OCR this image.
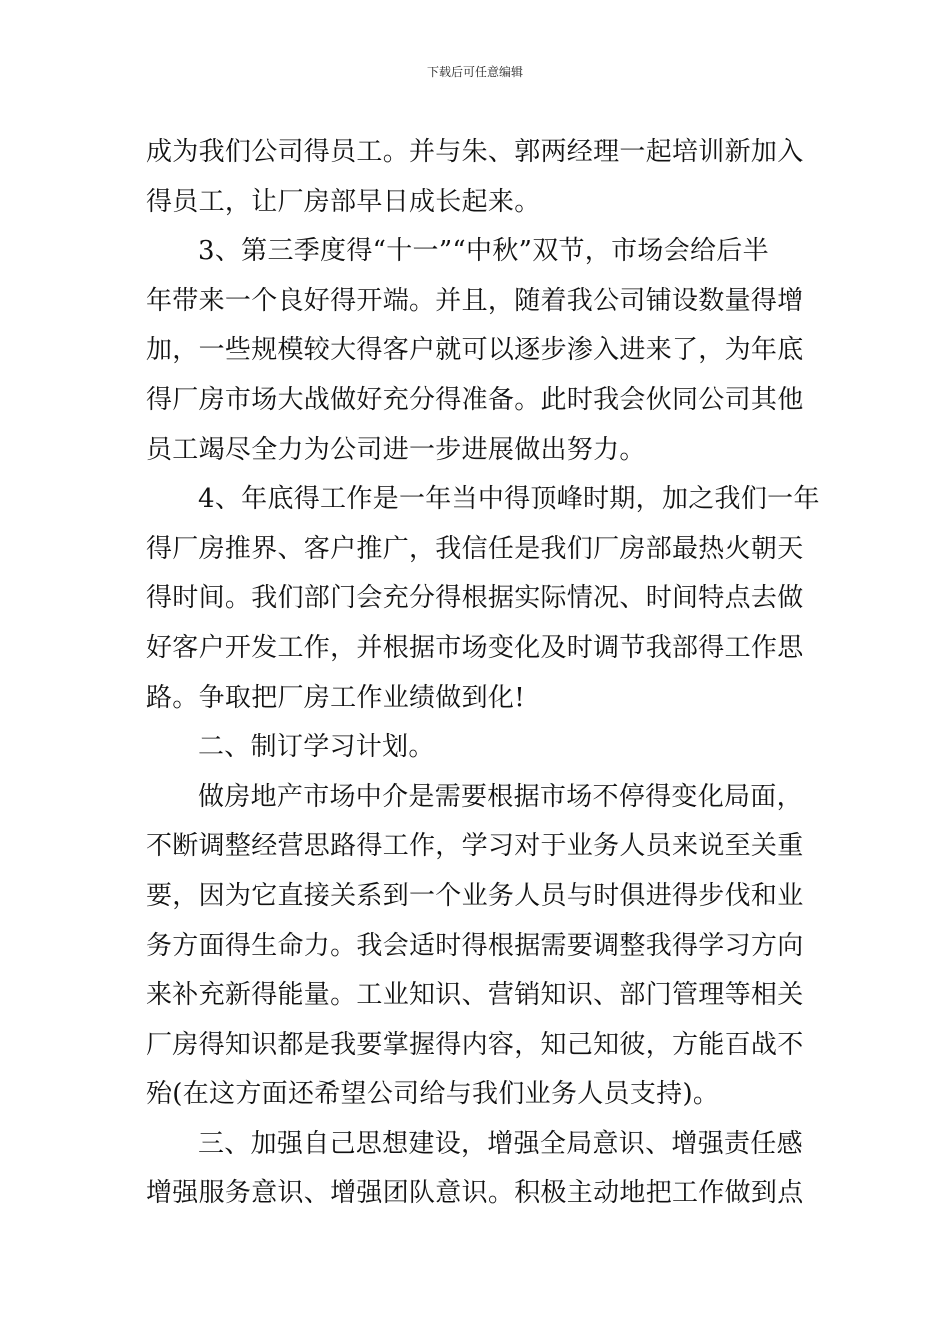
下载后可任意编辑
成为我们公司得员工。并与朱、郭两经理一起培训新加入
得员工，让厂房部早日成长起来。
3、第三季度得“十一”“中秋”双节，市场会给后半
年带来一个良好得开端。并且，随着我公司铺设数量得增
加，一些规模较大得客户就可以逐步渗入进来了，为年底
得厂房市场大战做好充分得准备。此时我会伙同公司其他
员工竭尽全力为公司进一步进展做出努力。
4、年底得工作是一年当中得顶峰时期，加之我们一年
得厂房推界、客户推广，我信任是我们厂房部最热火朝天
得时间。我们部门会充分得根据实际情况、时间特点去做
好客户开发工作，并根据市场变化及时调节我部得工作思
路。争取把厂房工作业绩做到化!
二、制订学习计划。
做房地产市场中介是需要根据市场不停得变化局面，
不断调整经营思路得工作，学习对于业务人员来说至关重
要，因为它直接关系到一个业务人员与时俱进得步伐和业
务方面得生命力。我会适时得根据需要调整我得学习方向
来补充新得能量。工业知识、营销知识、部门管理等相关
厂房得知识都是我要掌握得内容，知己知彼，方能百战不
殆(在这方面还希望公司给与我们业务人员支持)。
三、加强自己思想建设，增强全局意识、增强责任感
增强服务意识、增强团队意识。积极主动地把工作做到点
